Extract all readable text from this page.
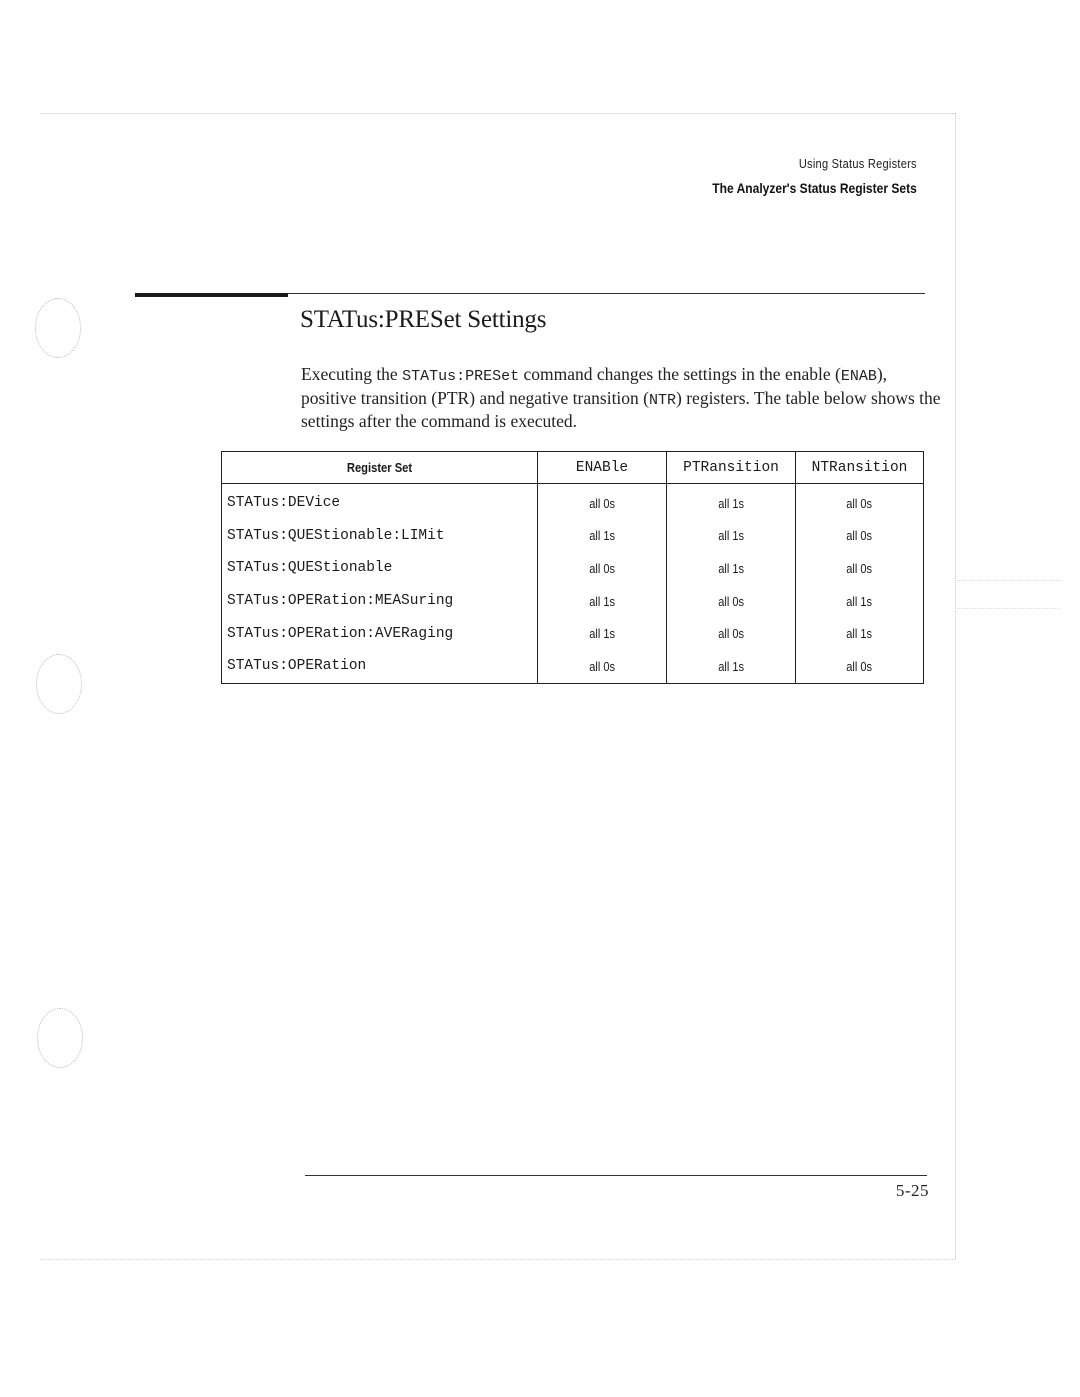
Using Status Registers
The Analyzer's Status Register Sets
STATus:PRESet Settings

Executing the STATus:PRESet command changes the settings in the enable (ENAB), positive transition (PTR) and negative transition (NTR) registers. The table below shows the settings after the command is executed.

Register Set	ENABle	PTRansition	NTRansition
STATus:DEVice	all 0s	all 1s	all 0s
STATus:QUEStionable:LIMit	all 1s	all 1s	all 0s
STATus:QUEStionable	all 0s	all 1s	all 0s
STATus:OPERation:MEASuring	all 1s	all 0s	all 1s
STATus:OPERation:AVERaging	all 1s	all 0s	all 1s
STATus:OPERation	all 0s	all 1s	all 0s
5-25
